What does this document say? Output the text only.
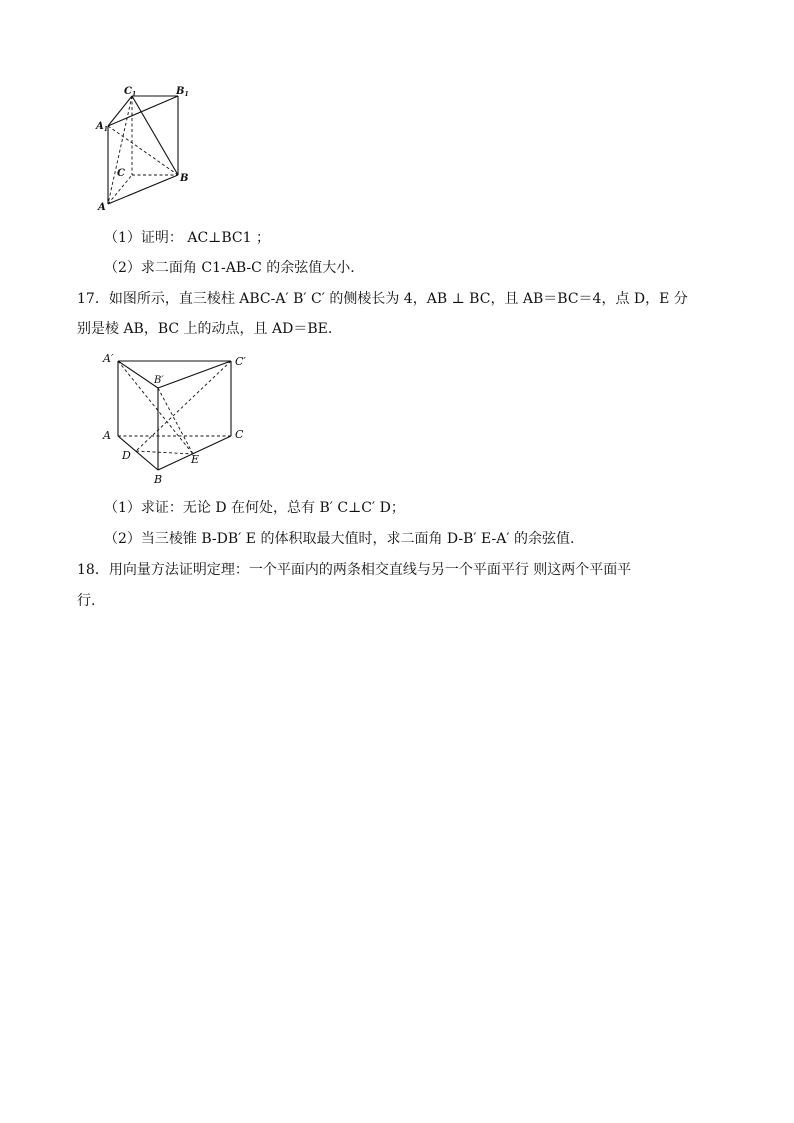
$C_1$	$B_1$
$A_1$
C	B
A
（1）证明： AC⊥BC1 ；
（2）求二面角 C1-AB-C 的余弦值大小.
17．如图所示，直三棱柱 ABC-A′ B′ C′ 的侧棱长为 4，AB ⊥ BC，且 AB＝BC＝4，点 D，E 分
别是棱 AB，BC 上的动点，且 AD＝BE.
A′	C′
B′
A	C
D	E
B
（1）求证：无论 D 在何处，总有 B′ C⊥C′ D；
（2）当三棱锥 B-DB′ E 的体积取最大值时，求二面角 D-B′ E-A′ 的余弦值.
18．用向量方法证明定理：一个平面内的两条相交直线与另一个平面平行 则这两个平面平
行.
